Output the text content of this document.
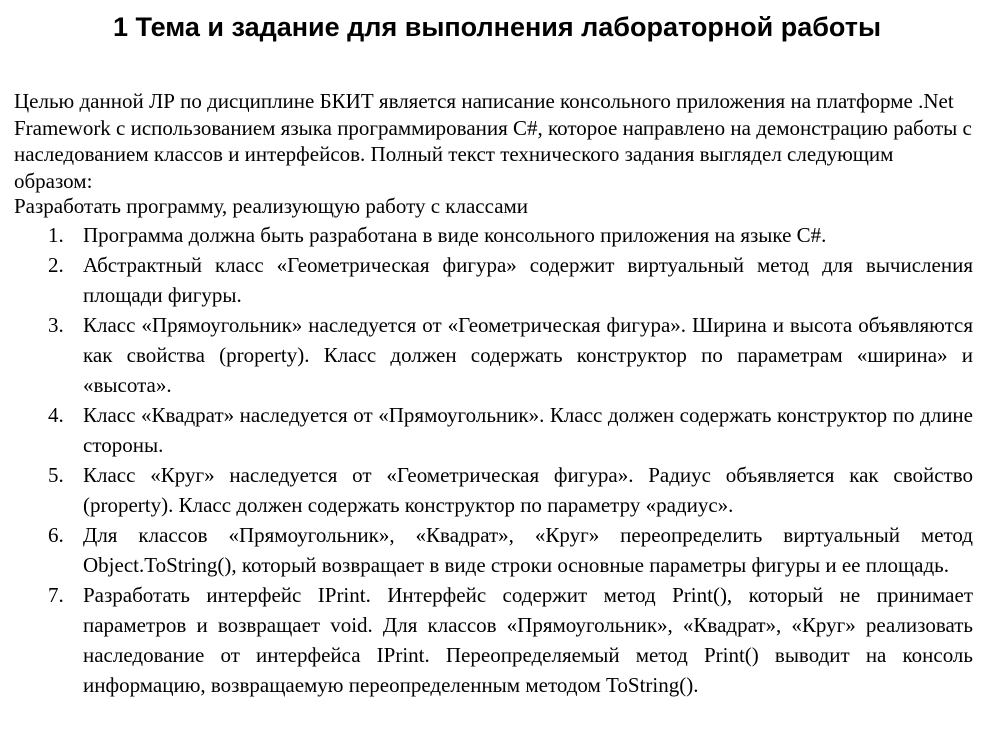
1 Тема и задание для выполнения лабораторной работы

Целью данной ЛР по дисциплине БКИТ является написание консольного приложения на платформе .Net Framework с использованием языка программирования C#, которое направлено на демонстрацию работы с наследованием классов и интерфейсов. Полный текст технического задания выглядел следующим образом:

Разработать программу, реализующую работу с классами

1. Программа должна быть разработана в виде консольного приложения на языке C#.
2. Абстрактный класс «Геометрическая фигура» содержит виртуальный метод для вычисления площади фигуры.
3. Класс «Прямоугольник» наследуется от «Геометрическая фигура». Ширина и высота объявляются как свойства (property). Класс должен содержать конструктор по параметрам «ширина» и «высота».
4. Класс «Квадрат» наследуется от «Прямоугольник». Класс должен содержать конструктор по длине стороны.
5. Класс «Круг» наследуется от «Геометрическая фигура». Радиус объявляется как свойство (property). Класс должен содержать конструктор по параметру «радиус».
6. Для классов «Прямоугольник», «Квадрат», «Круг» переопределить виртуальный метод Object.ToString(), который возвращает в виде строки основные параметры фигуры и ее площадь.
7. Разработать интерфейс IPrint. Интерфейс содержит метод Print(), который не принимает параметров и возвращает void. Для классов «Прямоугольник», «Квадрат», «Круг» реализовать наследование от интерфейса IPrint. Переопределяемый метод Print() выводит на консоль информацию, возвращаемую переопределенным методом ToString().
